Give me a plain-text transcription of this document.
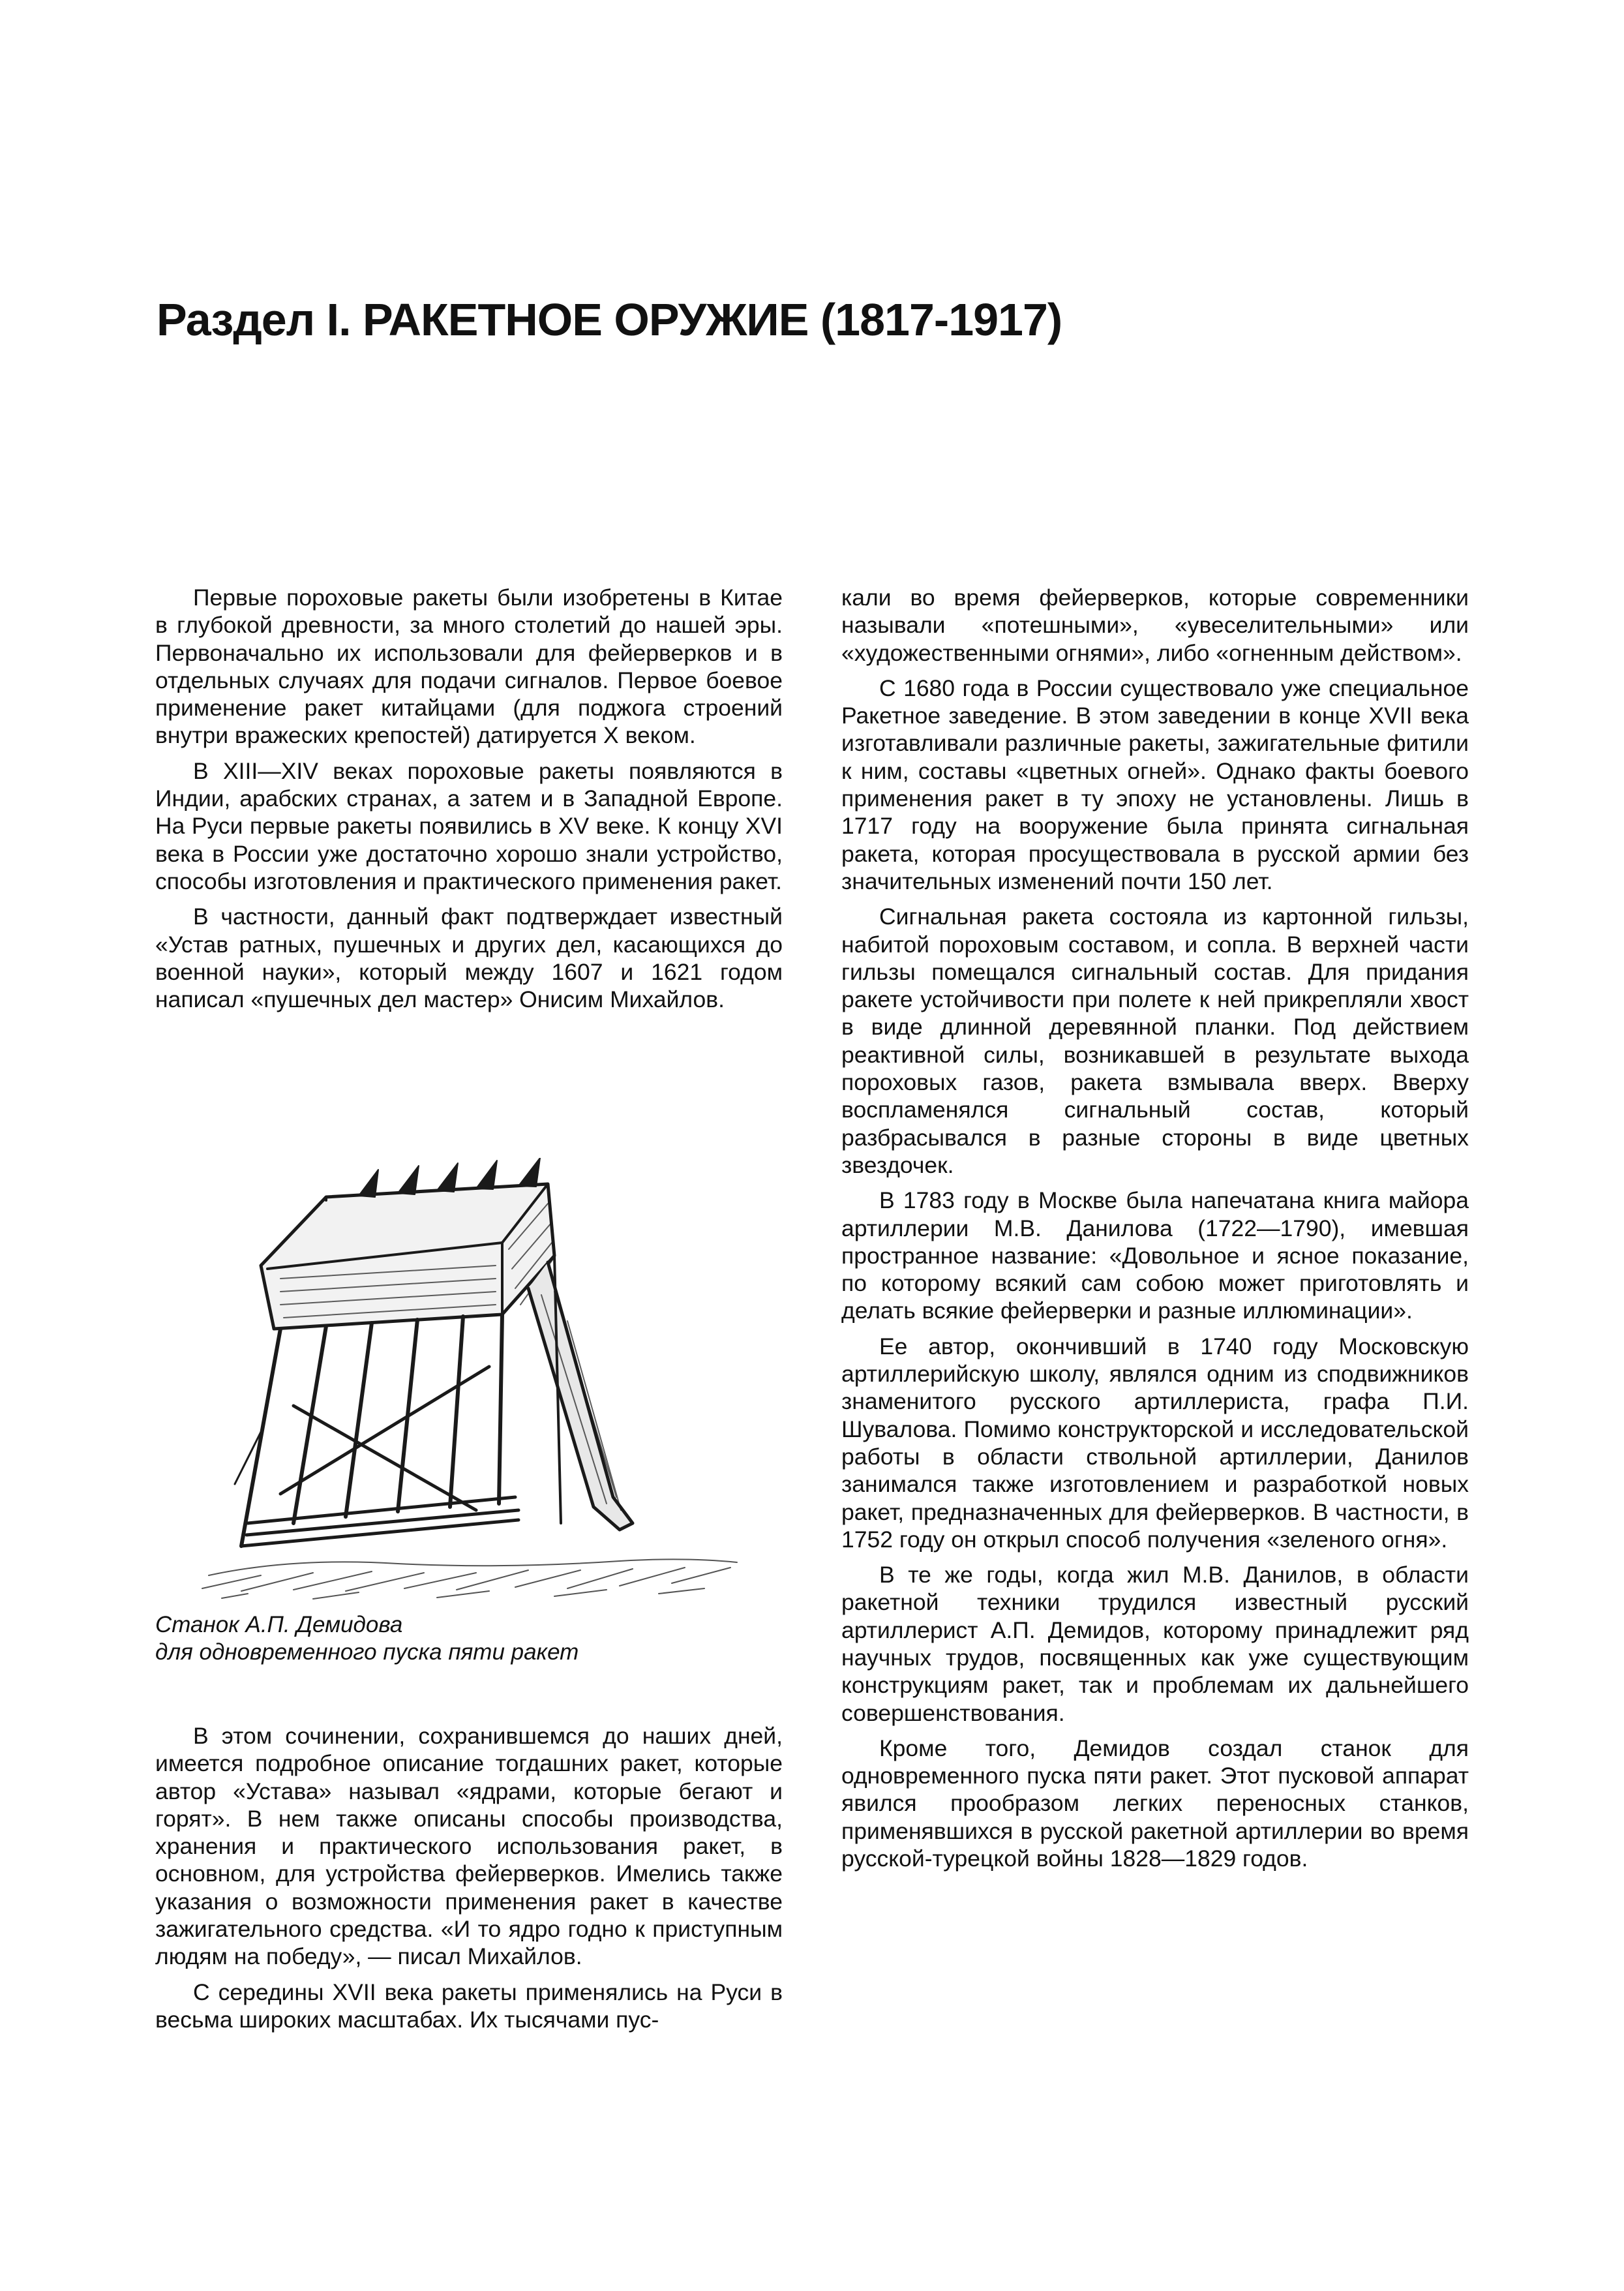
Раздел I. РАКЕТНОЕ ОРУЖИЕ (1817-1917)

Первые пороховые ракеты были изобретены в Китае в глубокой древности, за много столетий до нашей эры. Первоначально их использовали для фейерверков и в отдельных случаях для подачи сигналов. Первое боевое применение ракет китайцами (для поджога строений внутри вражеских крепостей) датируется X веком.

В XIII—XIV веках пороховые ракеты появляются в Индии, арабских странах, а затем и в Западной Европе. На Руси первые ракеты появились в XV веке. К концу XVI века в России уже достаточно хорошо знали устройство, способы изготовления и практического применения ракет.

В частности, данный факт подтверждает известный «Устав ратных, пушечных и других дел, касающихся до военной науки», который между 1607 и 1621 годом написал «пушечных дел мастер» Онисим Михайлов.

Станок А.П. Демидова
для одновременного пуска пяти ракет

В этом сочинении, сохранившемся до наших дней, имеется подробное описание тогдашних ракет, которые автор «Устава» называл «ядрами, которые бегают и горят». В нем также описаны способы производства, хранения и практического использования ракет, в основном, для устройства фейерверков. Имелись также указания о возможности применения ракет в качестве зажигательного средства. «И то ядро годно к приступным людям на победу», — писал Михайлов.

С середины XVII века ракеты применялись на Руси в весьма широких масштабах. Их тысячами пус-

кали во время фейерверков, которые современники называли «потешными», «увеселительными» или «художественными огнями», либо «огненным действом».

С 1680 года в России существовало уже специальное Ракетное заведение. В этом заведении в конце XVII века изготавливали различные ракеты, зажигательные фитили к ним, составы «цветных огней». Однако факты боевого применения ракет в ту эпоху не установлены. Лишь в 1717 году на вооружение была принята сигнальная ракета, которая просуществовала в русской армии без значительных изменений почти 150 лет.

Сигнальная ракета состояла из картонной гильзы, набитой пороховым составом, и сопла. В верхней части гильзы помещался сигнальный состав. Для придания ракете устойчивости при полете к ней прикрепляли хвост в виде длинной деревянной планки. Под действием реактивной силы, возникавшей в результате выхода пороховых газов, ракета взмывала вверх. Вверху воспламенялся сигнальный состав, который разбрасывался в разные стороны в виде цветных звездочек.

В 1783 году в Москве была напечатана книга майора артиллерии М.В. Данилова (1722—1790), имевшая пространное название: «Довольное и ясное показание, по которому всякий сам собою может приготовлять и делать всякие фейерверки и разные иллюминации».

Ее автор, окончивший в 1740 году Московскую артиллерийскую школу, являлся одним из сподвижников знаменитого русского артиллериста, графа П.И. Шувалова. Помимо конструкторской и исследовательской работы в области ствольной артиллерии, Данилов занимался также изготовлением и разработкой новых ракет, предназначенных для фейерверков. В частности, в 1752 году он открыл способ получения «зеленого огня».

В те же годы, когда жил М.В. Данилов, в области ракетной техники трудился известный русский артиллерист А.П. Демидов, которому принадлежит ряд научных трудов, посвященных как уже существующим конструкциям ракет, так и проблемам их дальнейшего совершенствования.

Кроме того, Демидов создал станок для одновременного пуска пяти ракет. Этот пусковой аппарат явился прообразом легких переносных станков, применявшихся в русской ракетной артиллерии во время русской-турецкой войны 1828—1829 годов.
